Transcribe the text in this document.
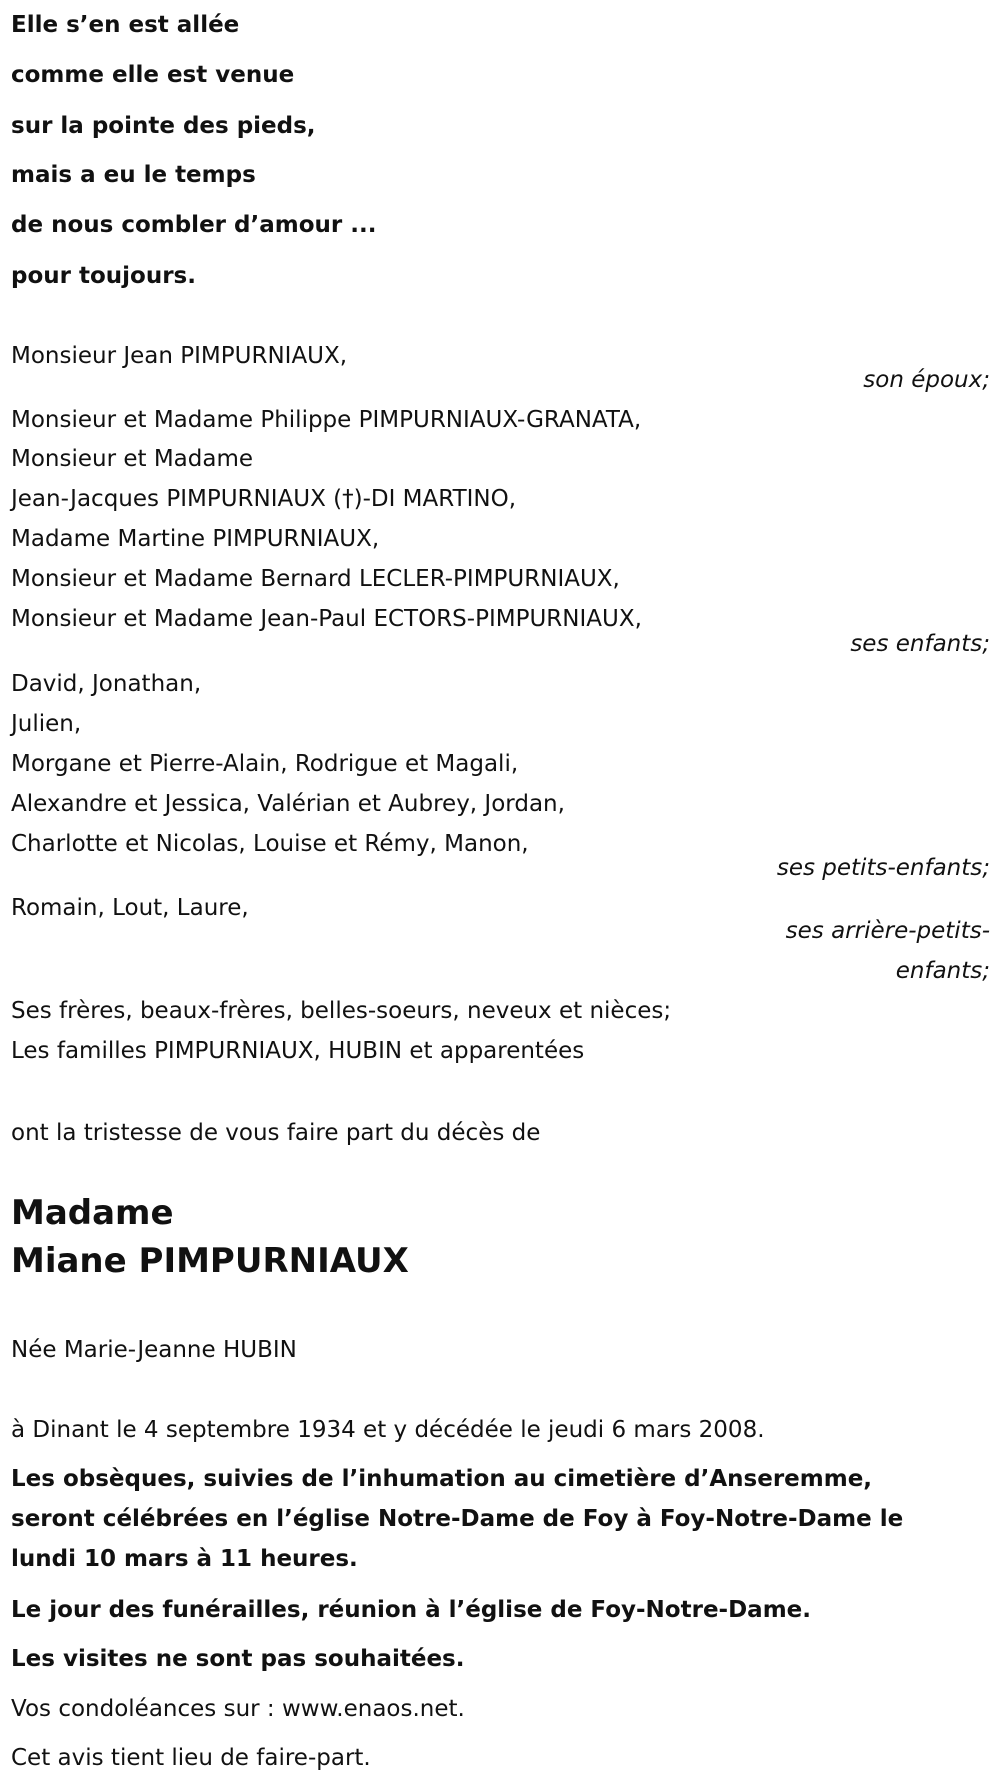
Elle s’en est allée
comme elle est venue
sur la pointe des pieds,
mais a eu le temps
de nous combler d’amour ...
pour toujours.
Monsieur Jean PIMPURNIAUX,
son époux;
Monsieur et Madame Philippe PIMPURNIAUX-GRANATA,
Monsieur et Madame
Jean-Jacques PIMPURNIAUX (†)-DI MARTINO,
Madame Martine PIMPURNIAUX,
Monsieur et Madame Bernard LECLER-PIMPURNIAUX,
Monsieur et Madame Jean-Paul ECTORS-PIMPURNIAUX,
ses enfants;
David, Jonathan,
Julien,
Morgane et Pierre-Alain, Rodrigue et Magali,
Alexandre et Jessica, Valérian et Aubrey, Jordan,
Charlotte et Nicolas, Louise et Rémy, Manon,
ses petits-enfants;
Romain, Lout, Laure,
ses arrière-petits-
enfants;
Ses frères, beaux-frères, belles-soeurs, neveux et nièces;
Les familles PIMPURNIAUX, HUBIN et apparentées
ont la tristesse de vous faire part du décès de
Madame
Miane PIMPURNIAUX
Née Marie-Jeanne HUBIN
à Dinant le 4 septembre 1934 et y décédée le jeudi 6 mars 2008.
Les obsèques, suivies de l’inhumation au cimetière d’Anseremme,
seront célébrées en l’église Notre-Dame de Foy à Foy-Notre-Dame le
lundi 10 mars à 11 heures.
Le jour des funérailles, réunion à l’église de Foy-Notre-Dame.
Les visites ne sont pas souhaitées.
Vos condoléances sur : www.enaos.net.
Cet avis tient lieu de faire-part.
